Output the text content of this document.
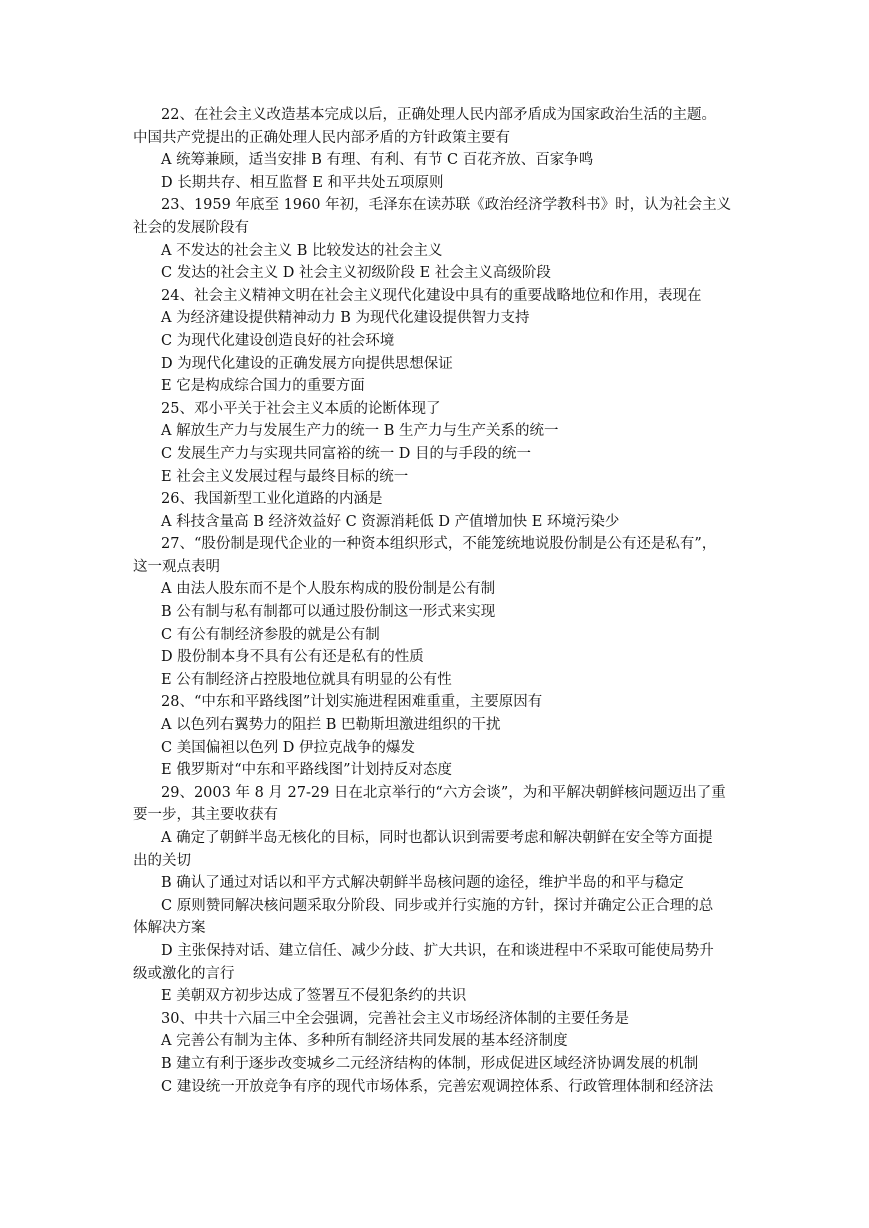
22、在社会主义改造基本完成以后，正确处理人民内部矛盾成为国家政治生活的主题。
中国共产党提出的正确处理人民内部矛盾的方针政策主要有
A 统筹兼顾，适当安排 B 有理、有利、有节 C 百花齐放、百家争鸣
D 长期共存、相互监督 E 和平共处五项原则
23、1959 年底至 1960 年初，毛泽东在读苏联《政治经济学教科书》时，认为社会主义
社会的发展阶段有
A 不发达的社会主义 B 比较发达的社会主义
C 发达的社会主义 D 社会主义初级阶段 E 社会主义高级阶段
24、社会主义精神文明在社会主义现代化建设中具有的重要战略地位和作用，表现在
A 为经济建设提供精神动力 B 为现代化建设提供智力支持
C 为现代化建设创造良好的社会环境
D 为现代化建设的正确发展方向提供思想保证
E 它是构成综合国力的重要方面
25、邓小平关于社会主义本质的论断体现了
A 解放生产力与发展生产力的统一 B 生产力与生产关系的统一
C 发展生产力与实现共同富裕的统一 D 目的与手段的统一
E 社会主义发展过程与最终目标的统一
26、我国新型工业化道路的内涵是
A 科技含量高 B 经济效益好 C 资源消耗低 D 产值增加快 E 环境污染少
27、“股份制是现代企业的一种资本组织形式，不能笼统地说股份制是公有还是私有”，
这一观点表明
A 由法人股东而不是个人股东构成的股份制是公有制
B 公有制与私有制都可以通过股份制这一形式来实现
C 有公有制经济参股的就是公有制
D 股份制本身不具有公有还是私有的性质
E 公有制经济占控股地位就具有明显的公有性
28、“中东和平路线图”计划实施进程困难重重，主要原因有
A 以色列右翼势力的阻拦 B 巴勒斯坦激进组织的干扰
C 美国偏袒以色列 D 伊拉克战争的爆发
E 俄罗斯对“中东和平路线图”计划持反对态度
29、2003 年 8 月 27-29 日在北京举行的“六方会谈”，为和平解决朝鲜核问题迈出了重
要一步，其主要收获有
A 确定了朝鲜半岛无核化的目标，同时也都认识到需要考虑和解决朝鲜在安全等方面提
出的关切
B 确认了通过对话以和平方式解决朝鲜半岛核问题的途径，维护半岛的和平与稳定
C 原则赞同解决核问题采取分阶段、同步或并行实施的方针，探讨并确定公正合理的总
体解决方案
D 主张保持对话、建立信任、减少分歧、扩大共识，在和谈进程中不采取可能使局势升
级或激化的言行
E 美朝双方初步达成了签署互不侵犯条约的共识
30、中共十六届三中全会强调，完善社会主义市场经济体制的主要任务是
A 完善公有制为主体、多种所有制经济共同发展的基本经济制度
B 建立有利于逐步改变城乡二元经济结构的体制，形成促进区域经济协调发展的机制
C 建设统一开放竞争有序的现代市场体系，完善宏观调控体系、行政管理体制和经济法
